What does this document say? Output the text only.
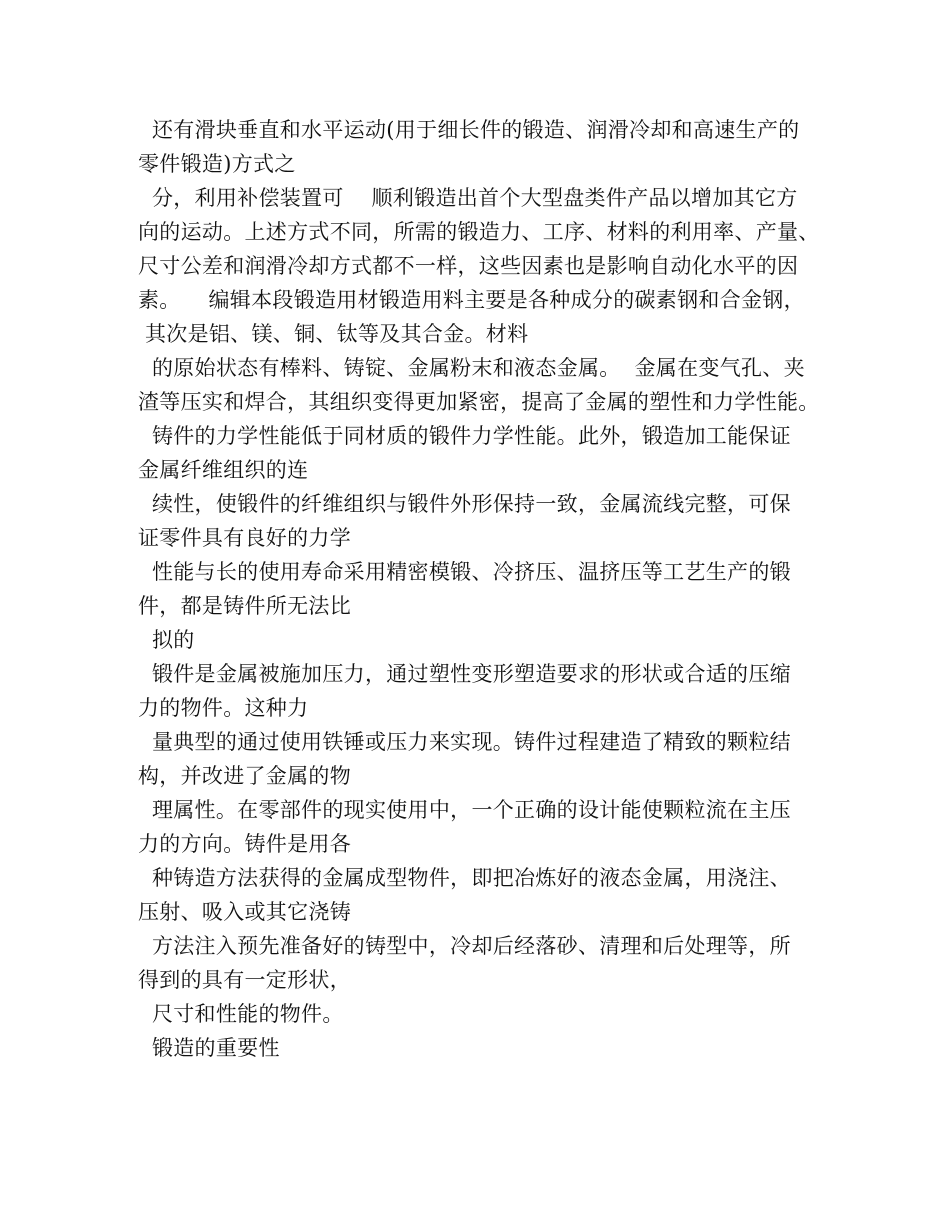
还有滑块垂直和水平运动(用于细长件的锻造、润滑冷却和高速生产的
零件锻造)方式之
分，利用补偿装置可    顺利锻造出首个大型盘类件产品以增加其它方
向的运动。上述方式不同，所需的锻造力、工序、材料的利用率、产量、
尺寸公差和润滑冷却方式都不一样，这些因素也是影响自动化水平的因
素。    编辑本段锻造用材锻造用料主要是各种成分的碳素钢和合金钢，
其次是铝、镁、铜、钛等及其合金。材料
的原始状态有棒料、铸锭、金属粉末和液态金属。  金属在变气孔、夹
渣等压实和焊合，其组织变得更加紧密，提高了金属的塑性和力学性能。
铸件的力学性能低于同材质的锻件力学性能。此外，锻造加工能保证
金属纤维组织的连
续性，使锻件的纤维组织与锻件外形保持一致，金属流线完整，可保
证零件具有良好的力学
性能与长的使用寿命采用精密模锻、冷挤压、温挤压等工艺生产的锻
件，都是铸件所无法比
拟的
锻件是金属被施加压力，通过塑性变形塑造要求的形状或合适的压缩
力的物件。这种力
量典型的通过使用铁锤或压力来实现。铸件过程建造了精致的颗粒结
构，并改进了金属的物
理属性。在零部件的现实使用中，一个正确的设计能使颗粒流在主压
力的方向。铸件是用各
种铸造方法获得的金属成型物件，即把冶炼好的液态金属，用浇注、
压射、吸入或其它浇铸
方法注入预先准备好的铸型中，冷却后经落砂、清理和后处理等，所
得到的具有一定形状，
尺寸和性能的物件。
锻造的重要性
